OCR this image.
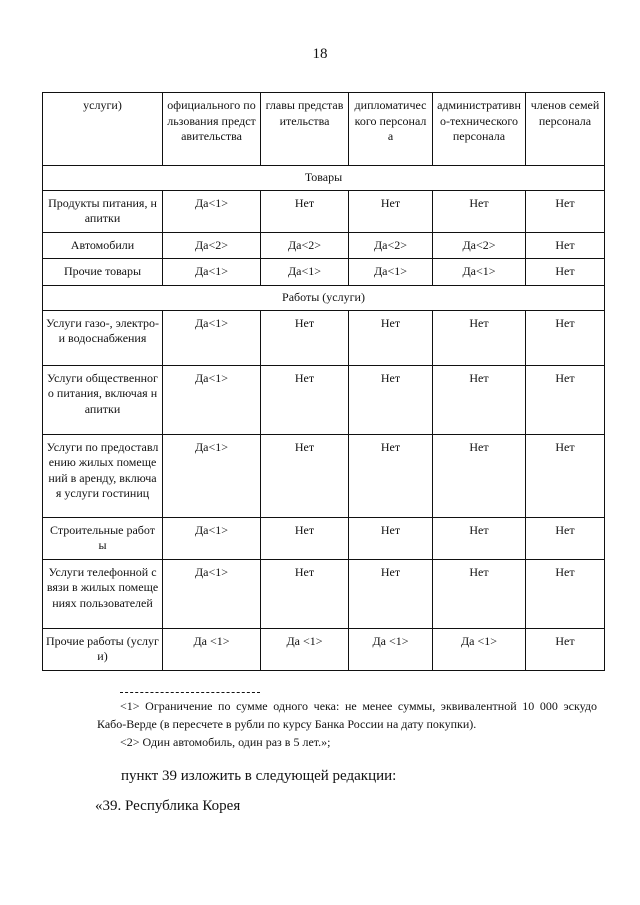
18
услуги)	официального пользования представительства	главы представительства	дипломатического персонала	административно-технического персонала	членов семей персонала
Товары					
Продукты питания, напитки	Да<1>	Нет	Нет	Нет	Нет
Автомобили	Да<2>	Да<2>	Да<2>	Да<2>	Нет
Прочие товары	Да<1>	Да<1>	Да<1>	Да<1>	Нет
Работы (услуги)					
Услуги газо-, электро- и водоснабжения	Да<1>	Нет	Нет	Нет	Нет
Услуги общественного питания, включая напитки	Да<1>	Нет	Нет	Нет	Нет
Услуги по предоставлению жилых помещений в аренду, включая услуги гостиниц	Да<1>	Нет	Нет	Нет	Нет
Строительные работы	Да<1>	Нет	Нет	Нет	Нет
Услуги телефонной связи в жилых помещениях пользователей	Да<1>	Нет	Нет	Нет	Нет
Прочие работы (услуги)	Да <1>	Да <1>	Да <1>	Да <1>	Нет
<1> Ограничение по сумме одного чека: не менее суммы, эквивалентной 10 000 эскудо Кабо-Верде (в пересчете в рубли по курсу Банка России на дату покупки).
<2> Один автомобиль, один раз в 5 лет.»;
пункт 39 изложить в следующей редакции:
«39. Республика Корея
